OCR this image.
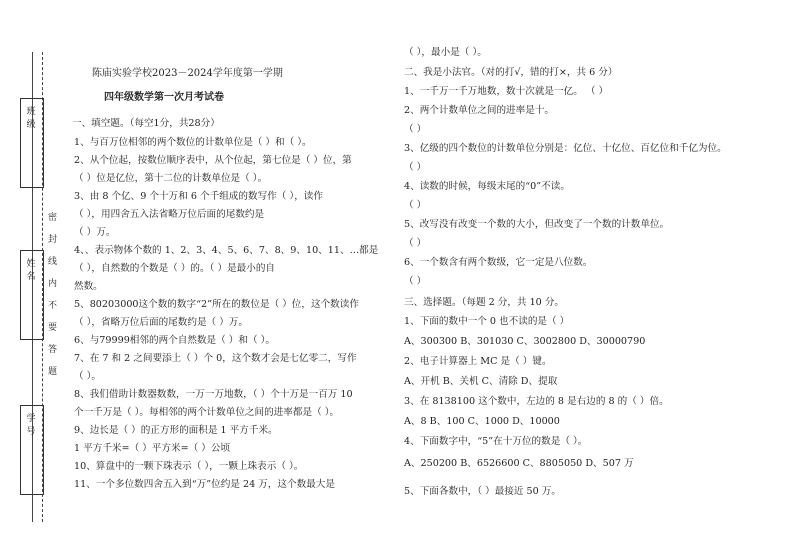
班
级
姓
名
学
号
密
封
线
内
不
要
答
题
陈庙实验学校2023－2024学年度第一学期
四年级数学第一次月考试卷
一、填空题。（每空1分，共28分）
1、与百万位相邻的两个数位的计数单位是（ ）和（ ）。
2、从个位起，按数位顺序表中，从个位起，第七位是（ ）位，第
（ ）位是亿位，第十二位的计数单位是（ ）。
3、由 8 个亿、9 个十万和 6 个千组成的数写作（ ），读作
（ ），用四舍五入法省略万位后面的尾数约是
（ ）万。
4、、表示物体个数的 1、2、3、4、5、6、7、8、9、10、11、…都是
（ ），自然数的个数是（ ）的。（ ）是最小的自
然数。
5、80203000这个数的数字“2”所在的数位是（ ）位，这个数读作
（ ），省略万位后面的尾数约是（ ）万。
6、与79999相邻的两个自然数是（ ）和（ ）。
7、在 7 和 2 之间要添上（ ）个 0，这个数才会是七亿零二，写作
（ ）。
8、我们借助计数器数数，一万一万地数，（ ）个十万是一百万 10
个一千万是（ ）。每相邻的两个计数单位之间的进率都是（ ）。
9、边长是（ ）的正方形的面积是 1 平方千米。
1 平方千米=（ ）平方米=（ ）公顷
10、算盘中的一颗下珠表示（ ），一颗上珠表示（ ）。
11、一个多位数四舍五入到“万”位约是 24 万，这个数最大是
（ ），最小是（ ）。
二、我是小法官。（对的打√，错的打×，共 6 分）
1、一千万一千万地数，数十次就是一亿。 （ ）
2、两个计数单位之间的进率是十。
（ ）
3、亿级的四个数位的计数单位分别是：亿位、十亿位、百亿位和千亿为位。
（ ）
4、读数的时候，每级末尾的“0”不读。
（ ）
5、改写没有改变一个数的大小，但改变了一个数的计数单位。
（ ）
6、一个数含有两个数级，它一定是八位数。
（ ）
三、选择题。（每题 2 分，共 10 分。
1、下面的数中一个 0 也不读的是（ ）
A、300300 B、301030 C、3002800 D、30000790
2、电子计算器上 MC 是（ ）键。
A、开机 B、关机 C、清除 D、提取
3、在 8138100 这个数中，左边的 8 是右边的 8 的（ ）倍。
A、8 B、100 C、1000 D、10000
4、下面数字中，“5”在十万位的数是（ ）。
A、250200 B、6526600 C、8805050 D、507 万
5、下面各数中，（ ）最接近 50 万。
